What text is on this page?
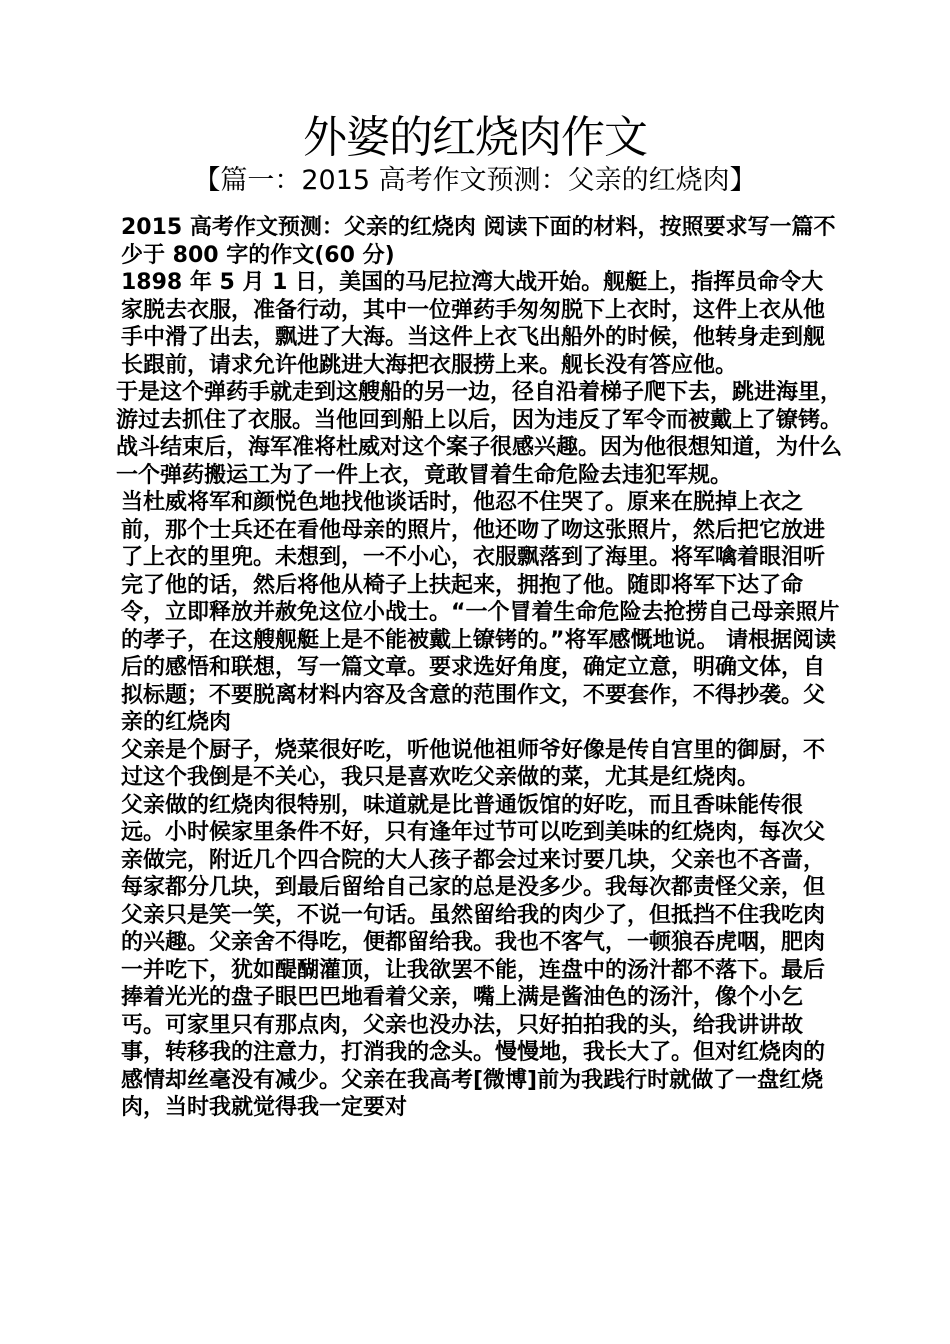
外婆的红烧肉作文
【篇一：2015 高考作文预测：父亲的红烧肉】

2015 高考作文预测：父亲的红烧肉 阅读下面的材料，按照要求写一篇不少于 800 字的作文(60 分)

1898 年 5 月 1 日，美国的马尼拉湾大战开始。舰艇上，指挥员命令大家脱去衣服，准备行动，其中一位弹药手匆匆脱下上衣时，这件上衣从他手中滑了出去，飘进了大海。当这件上衣飞出船外的时候，他转身走到舰长跟前，请求允许他跳进大海把衣服捞上来。舰长没有答应他。

于是这个弹药手就走到这艘船的另一边，径自沿着梯子爬下去，跳进海里，游过去抓住了衣服。当他回到船上以后，因为违反了军令而被戴上了镣铐。 战斗结束后，海军准将杜威对这个案子很感兴趣。因为他很想知道，为什么一个弹药搬运工为了一件上衣，竟敢冒着生命危险去违犯军规。

当杜威将军和颜悦色地找他谈话时，他忍不住哭了。原来在脱掉上衣之前，那个士兵还在看他母亲的照片，他还吻了吻这张照片，然后把它放进了上衣的里兜。未想到，一不小心，衣服飘落到了海里。将军噙着眼泪听完了他的话，然后将他从椅子上扶起来，拥抱了他。随即将军下达了命令，立即释放并赦免这位小战士。“一个冒着生命危险去抢捞自己母亲照片的孝子，在这艘舰艇上是不能被戴上镣铐的。”将军感慨地说。 请根据阅读后的感悟和联想，写一篇文章。要求选好角度，确定立意，明确文体，自拟标题；不要脱离材料内容及含意的范围作文，不要套作，不得抄袭。父亲的红烧肉

父亲是个厨子，烧菜很好吃，听他说他祖师爷好像是传自宫里的御厨，不过这个我倒是不关心，我只是喜欢吃父亲做的菜，尤其是红烧肉。

父亲做的红烧肉很特别，味道就是比普通饭馆的好吃，而且香味能传很远。小时候家里条件不好，只有逢年过节可以吃到美味的红烧肉，每次父亲做完，附近几个四合院的大人孩子都会过来讨要几块，父亲也不吝啬，每家都分几块，到最后留给自己家的总是没多少。我每次都责怪父亲，但父亲只是笑一笑，不说一句话。虽然留给我的肉少了，但抵挡不住我吃肉的兴趣。父亲舍不得吃，便都留给我。我也不客气，一顿狼吞虎咽，肥肉一并吃下，犹如醍醐灌顶，让我欲罢不能，连盘中的汤汁都不落下。最后捧着光光的盘子眼巴巴地看着父亲，嘴上满是酱油色的汤汁，像个小乞丐。可家里只有那点肉，父亲也没办法，只好拍拍我的头，给我讲讲故事，转移我的注意力，打消我的念头。慢慢地，我长大了。但对红烧肉的感情却丝毫没有减少。父亲在我高考[微博]前为我践行时就做了一盘红烧肉，当时我就觉得我一定要对
